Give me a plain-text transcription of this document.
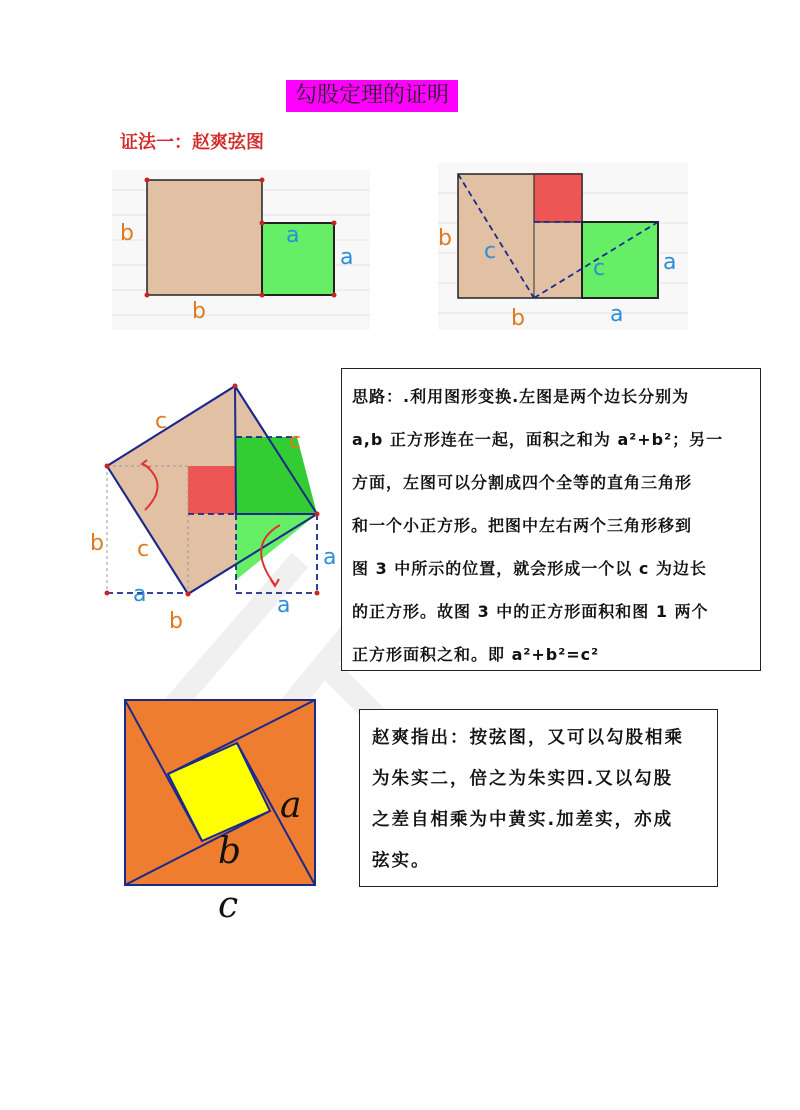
勾股定理的证明
证法一：赵爽弦图
b
b
a
a
b
c
c	a
b	a
c
c
b c	a
a
b
a

思路：.利用图形变换.左图是两个边长分别为

a,b 正方形连在一起，面积之和为 a²+b²；另一

方面，左图可以分割成四个全等的直角三角形

和一个小正方形。把图中左右两个三角形移到

图 3 中所示的位置，就会形成一个以 c 为边长

的正方形。故图 3 中的正方形面积和图 1 两个

正方形面积之和。即 a²+b²=c²

a
b
c

赵爽指出：按弦图，又可以勾股相乘

为朱实二，倍之为朱实四.又以勾股

之差自相乘为中黄实.加差实，亦成

弦实。
